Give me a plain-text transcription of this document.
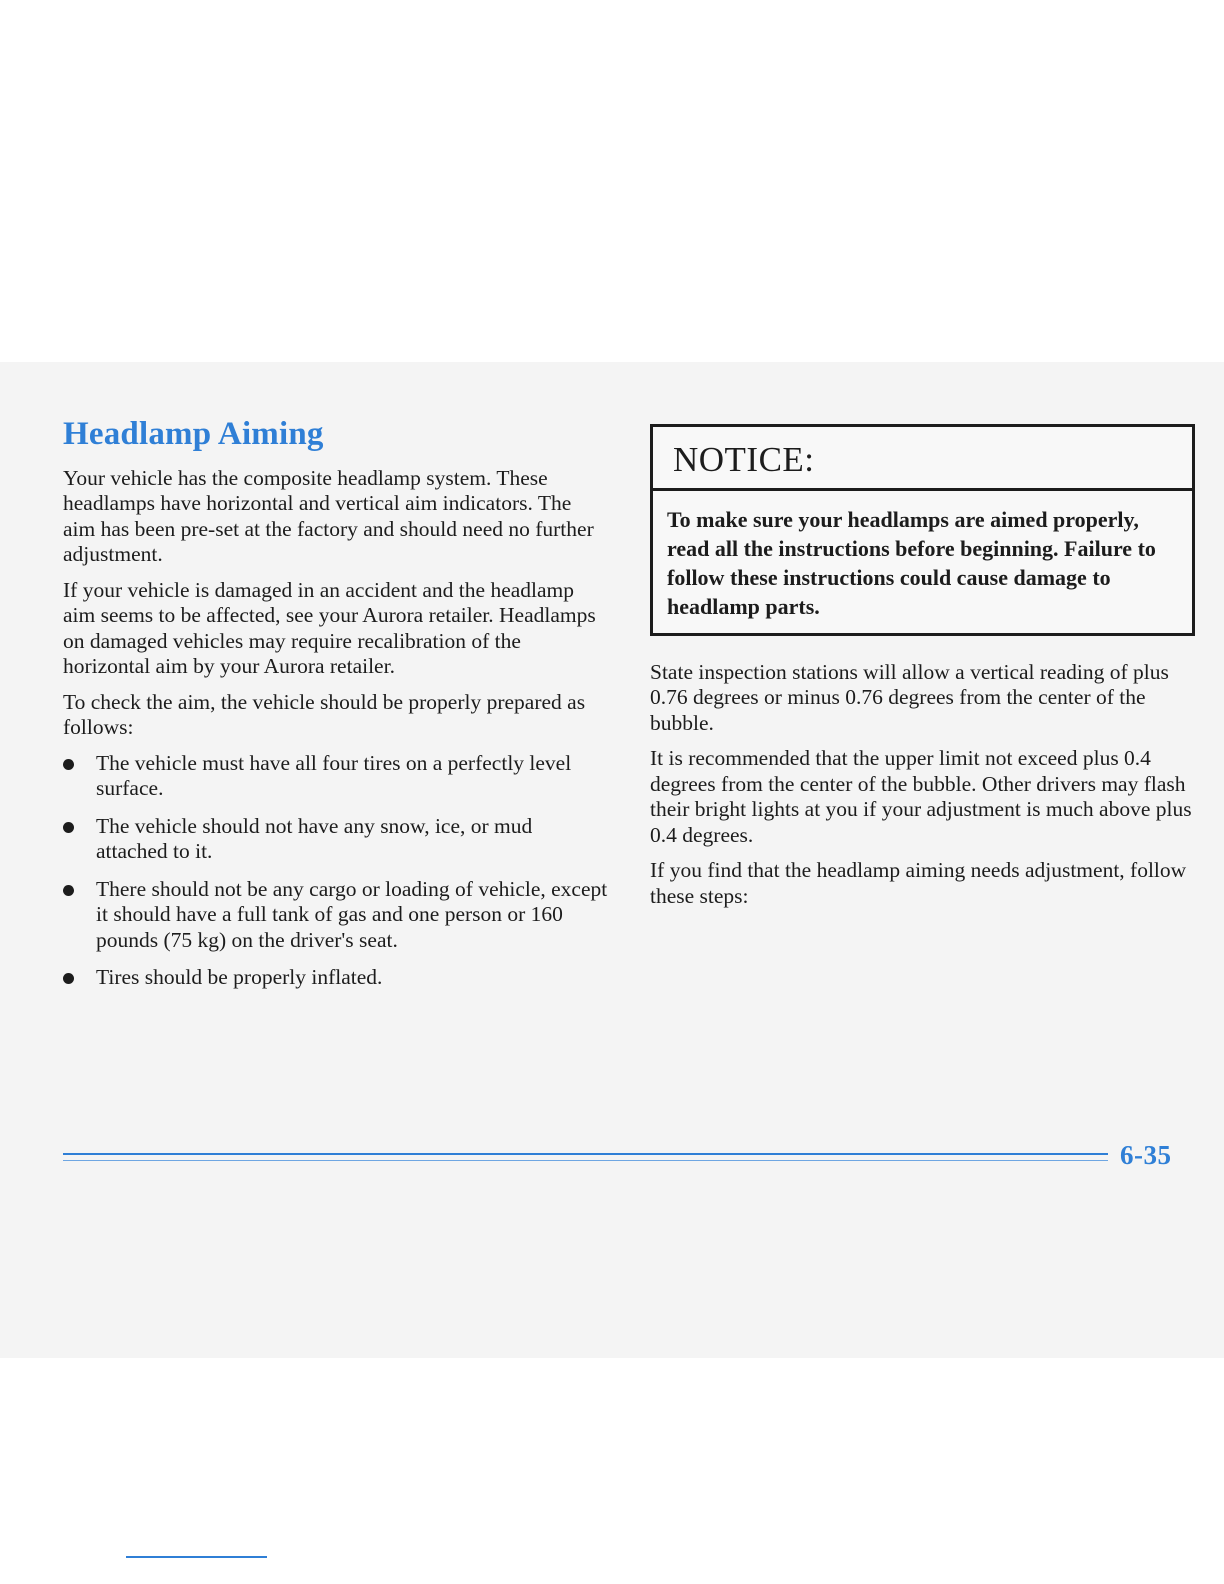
Headlamp Aiming

Your vehicle has the composite headlamp system. These headlamps have horizontal and vertical aim indicators. The aim has been pre-set at the factory and should need no further adjustment.

If your vehicle is damaged in an accident and the headlamp aim seems to be affected, see your Aurora retailer. Headlamps on damaged vehicles may require recalibration of the horizontal aim by your Aurora retailer.

To check the aim, the vehicle should be properly prepared as follows:

The vehicle must have all four tires on a perfectly level surface.
The vehicle should not have any snow, ice, or mud attached to it.
There should not be any cargo or loading of vehicle, except it should have a full tank of gas and one person or 160 pounds (75 kg) on the driver's seat.
Tires should be properly inflated.
NOTICE:
To make sure your headlamps are aimed properly, read all the instructions before beginning. Failure to follow these instructions could cause damage to headlamp parts.

State inspection stations will allow a vertical reading of plus 0.76 degrees or minus 0.76 degrees from the center of the bubble.

It is recommended that the upper limit not exceed plus 0.4 degrees from the center of the bubble. Other drivers may flash their bright lights at you if your adjustment is much above plus 0.4 degrees.

If you find that the headlamp aiming needs adjustment, follow these steps:

6-35
